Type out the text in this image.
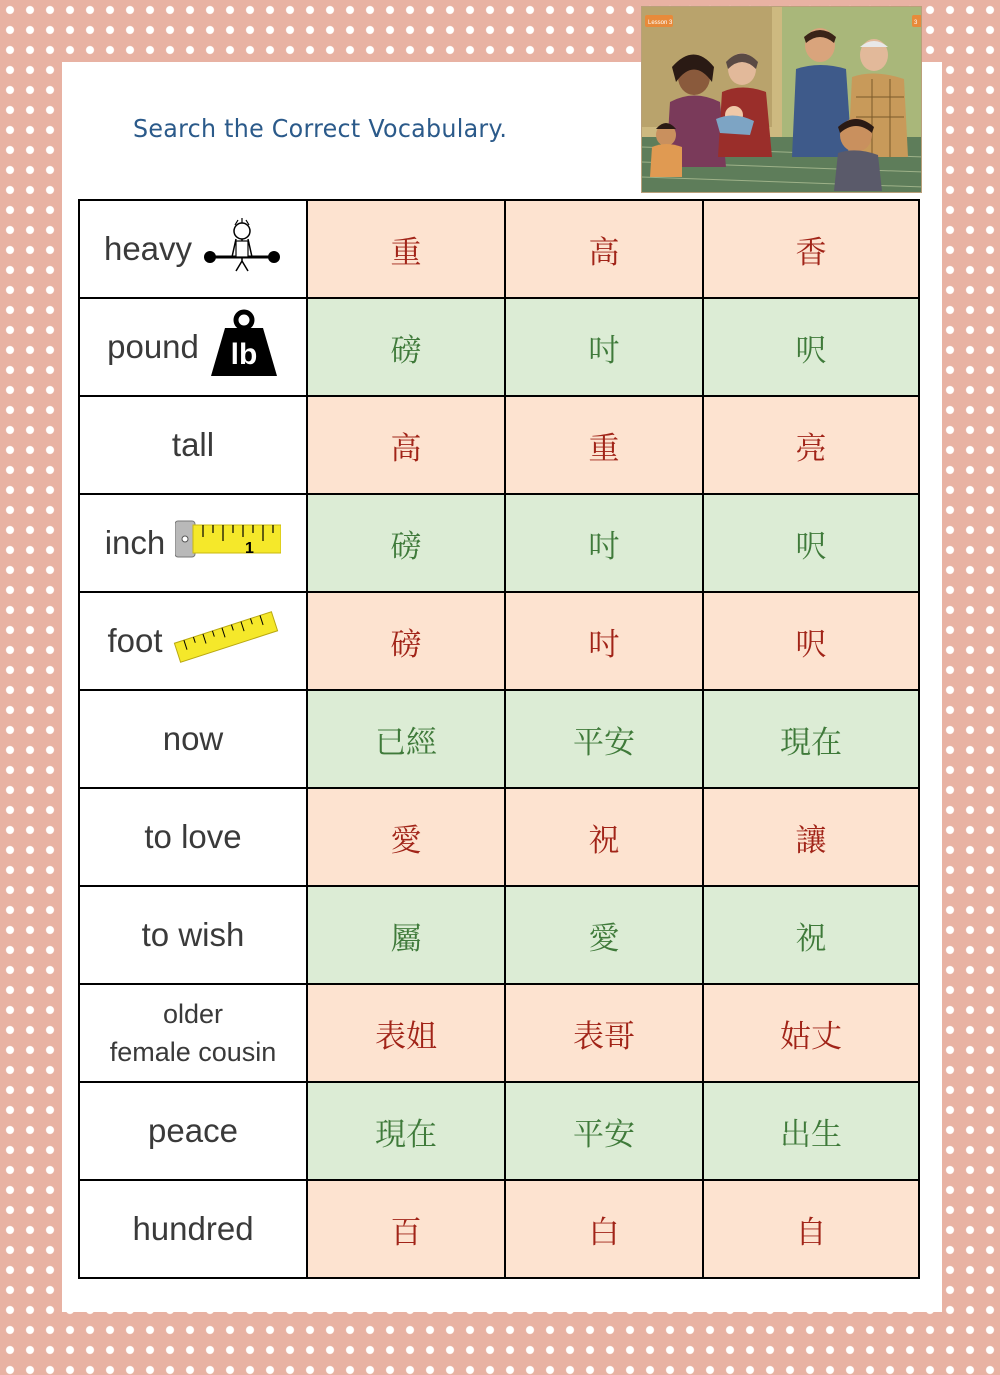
Search the Correct Vocabulary.
Lesson 3	3
heavy	重	高	香

pound lb	磅	吋	呎
tall	高	重	亮

inch 1	磅	吋	呎

foot	磅	吋	呎
now	已經	平安	現在
to love	愛	祝	讓
to wish	屬	愛	祝

older
female cousin	表姐	表哥	姑丈
peace	現在	平安	出生
hundred	百	白	自
